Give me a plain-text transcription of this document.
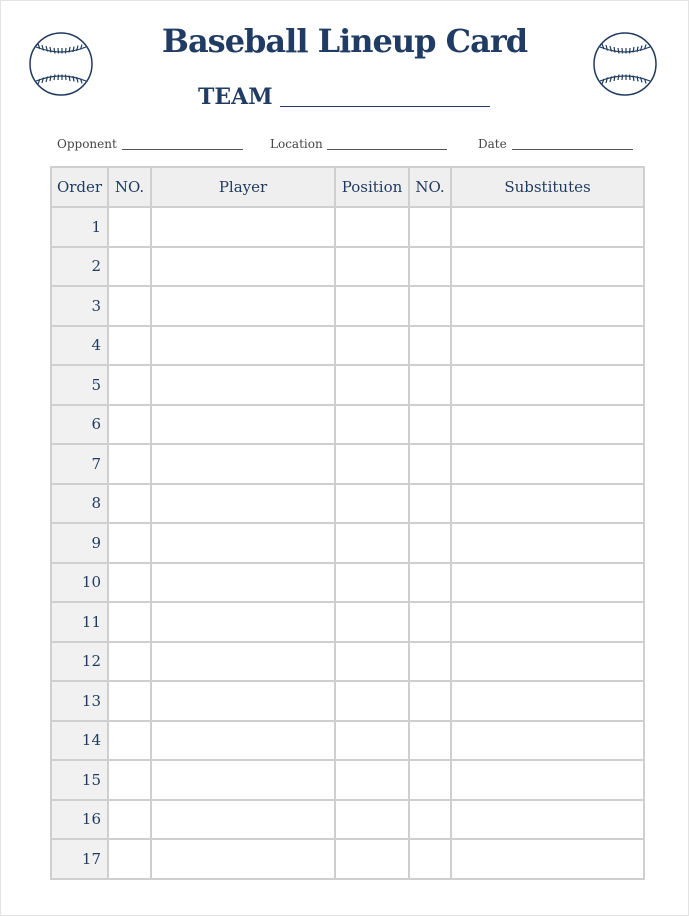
Baseball Lineup Card
TEAM
Opponent	Location	Date
Order	NO.	Player	Position	NO.	Substitutes
1					
2					
3					
4					
5					
6					
7					
8					
9					
10					
11					
12					
13					
14					
15					
16					
17					
